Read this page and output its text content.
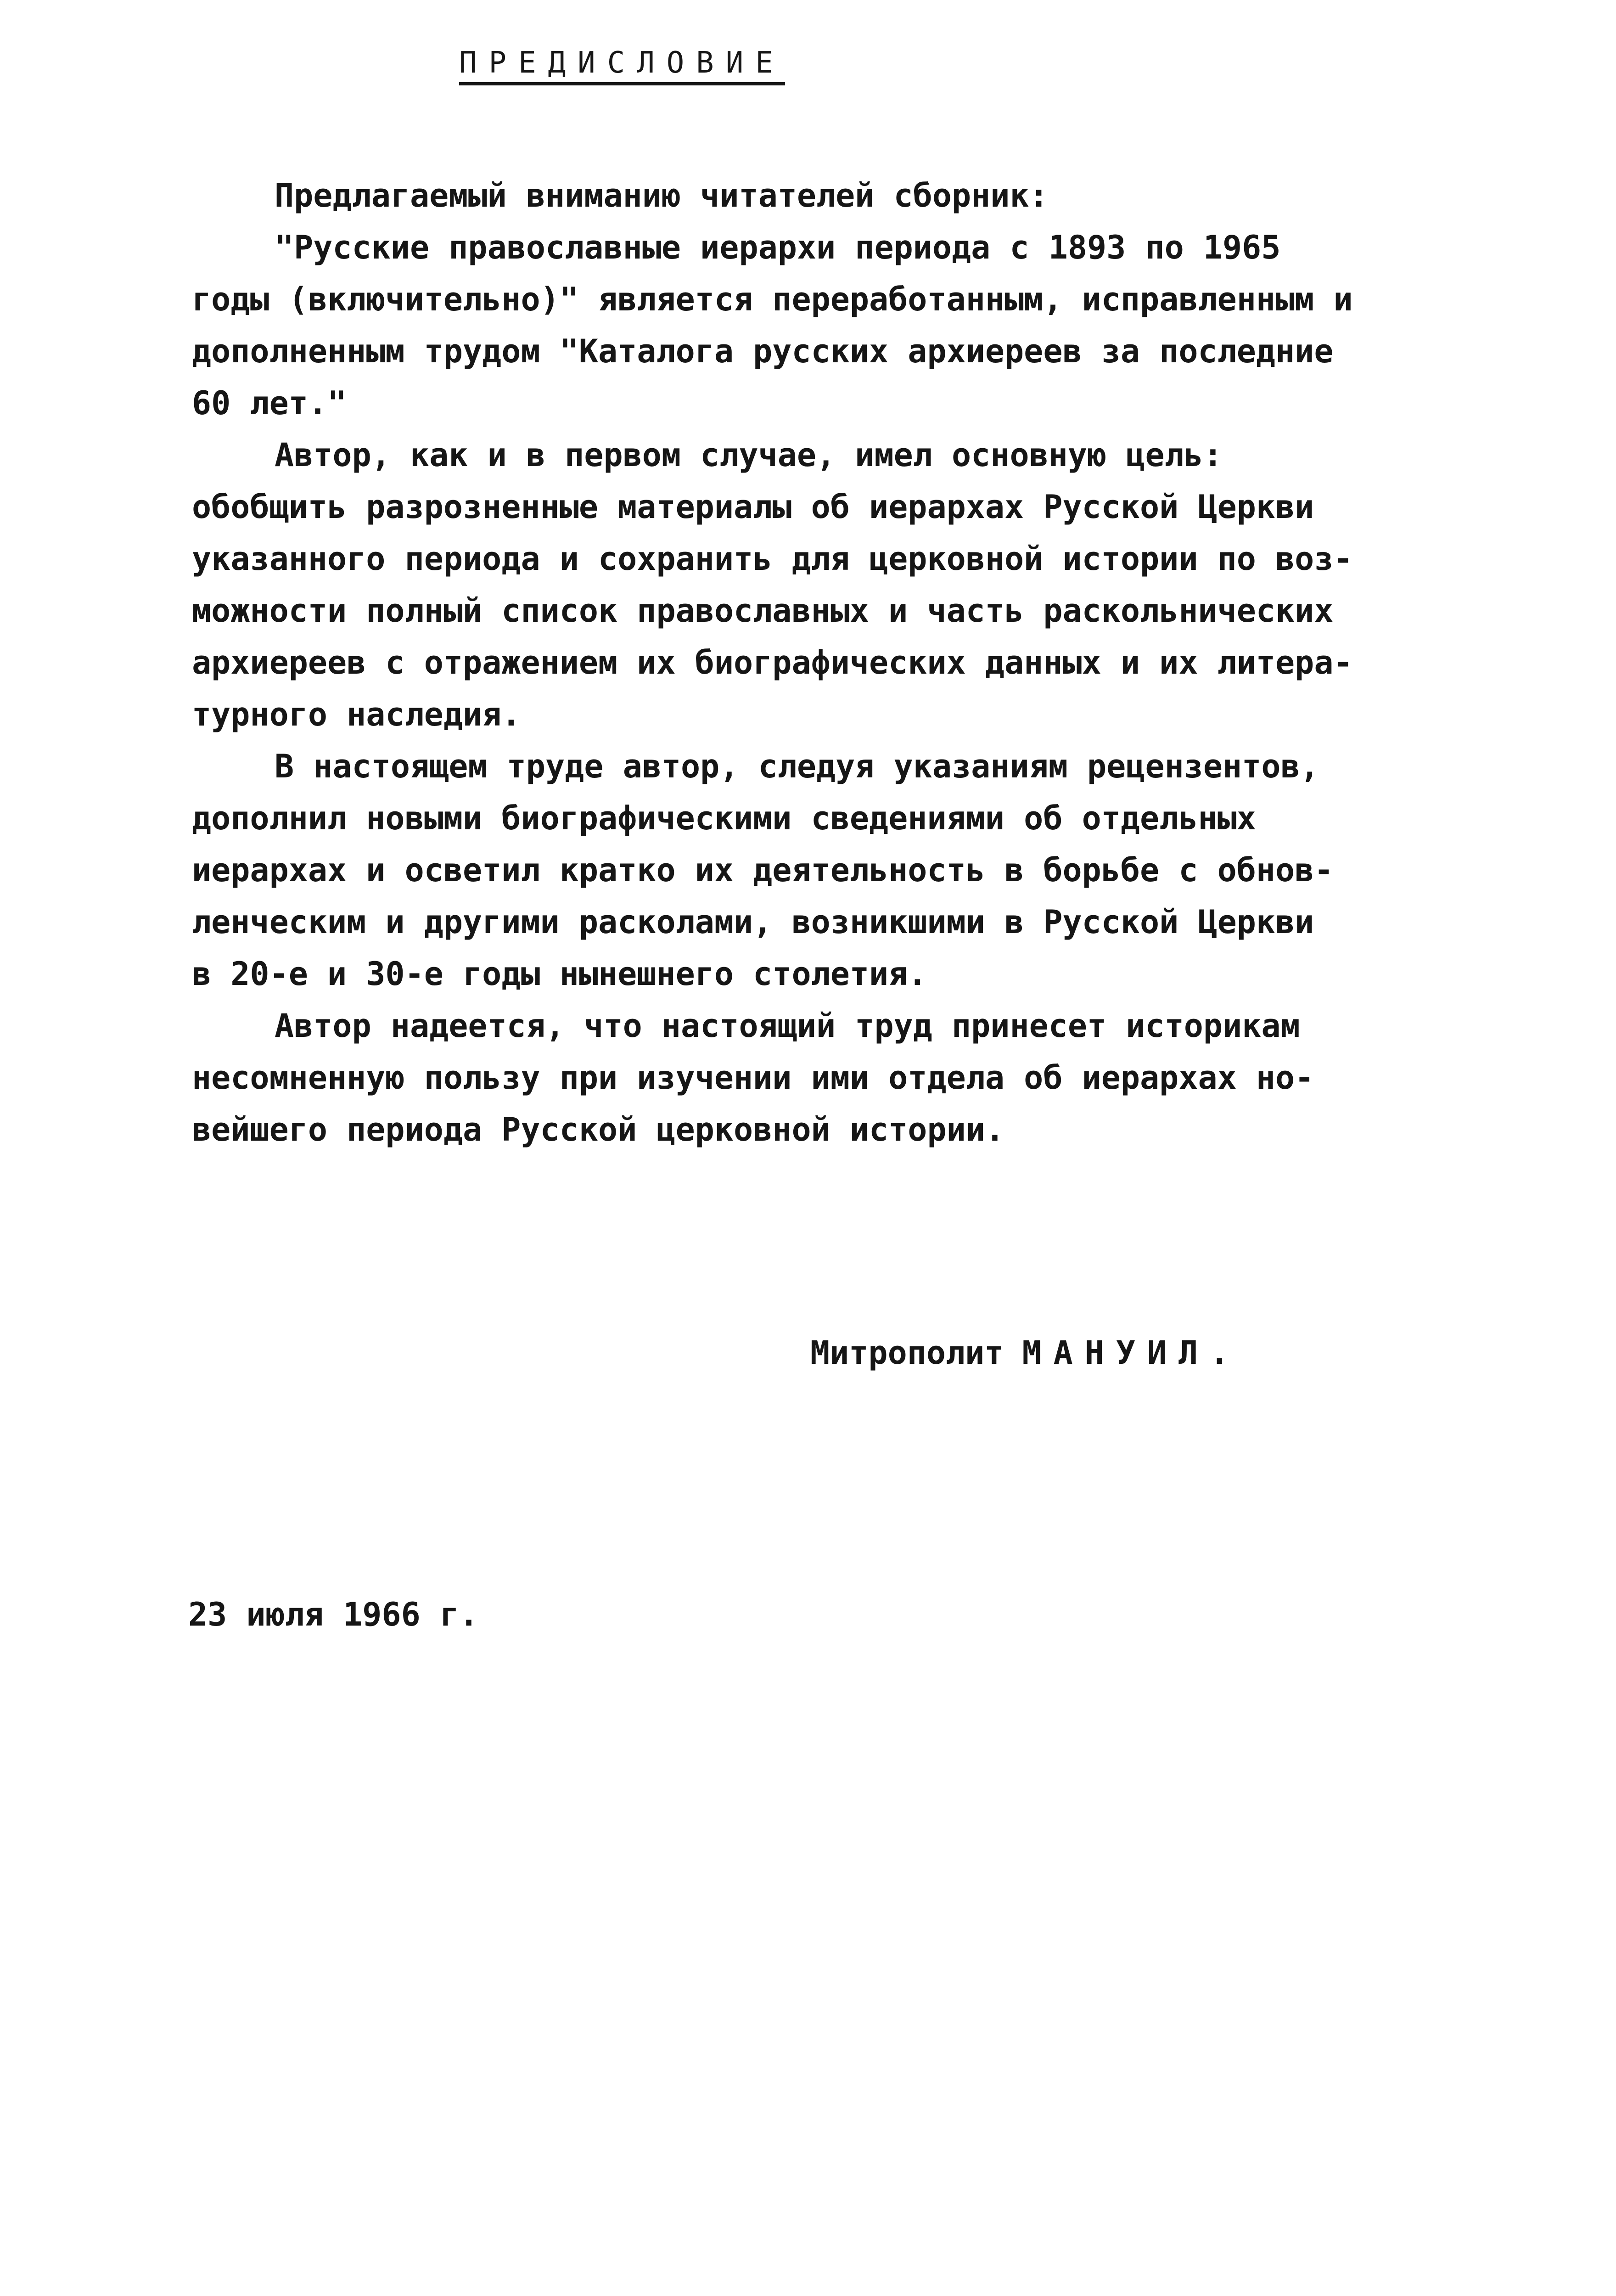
ПРЕДИСЛОВИЕ
Предлагаемый вниманию читателей сборник:
"Русские православные иерархи периода с 1893 по 1965
годы (включительно)" является переработанным, исправленным и
дополненным трудом "Каталога русских архиереев за последние
60 лет."
Автор, как и в первом случае, имел основную цель:
обобщить разрозненные материалы об иерархах Русской Церкви
указанного периода и сохранить для церковной истории по воз-
можности полный список православных и часть раскольнических
архиереев с отражением их биографических данных и их литера-
турного наследия.
В настоящем труде автор, следуя указаниям рецензентов,
дополнил новыми биографическими сведениями об отдельных
иерархах и осветил кратко их деятельность в борьбе с обнов-
ленческим и другими расколами, возникшими в Русской Церкви
в 20-е и 30-е годы нынешнего столетия.
Автор надеется, что настоящий труд принесет историкам
несомненную пользу при изучении ими отдела об иерархах но-
вейшего периода Русской церковной истории.
Митрополит МАНУИЛ.
23 июля 1966 г.
